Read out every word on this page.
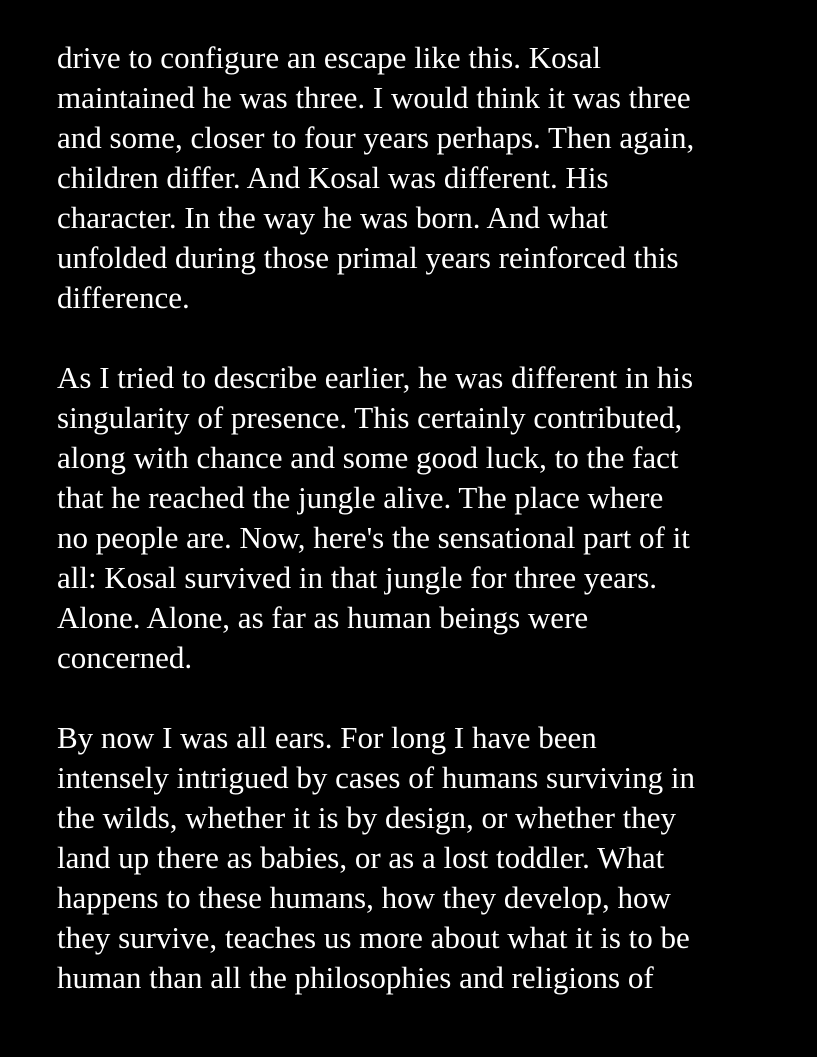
drive to configure an escape like this. Kosal
maintained he was three. I would think it was three
and some, closer to four years perhaps. Then again,
children differ. And Kosal was different. His
character. In the way he was born. And what
unfolded during those primal years reinforced this
difference.

As I tried to describe earlier, he was different in his
singularity of presence. This certainly contributed,
along with chance and some good luck, to the fact
that he reached the jungle alive. The place where
no people are. Now, here's the sensational part of it
all: Kosal survived in that jungle for three years.
Alone. Alone, as far as human beings were
concerned.

By now I was all ears. For long I have been
intensely intrigued by cases of humans surviving in
the wilds, whether it is by design, or whether they
land up there as babies, or as a lost toddler. What
happens to these humans, how they develop, how
they survive, teaches us more about what it is to be
human than all the philosophies and religions of
